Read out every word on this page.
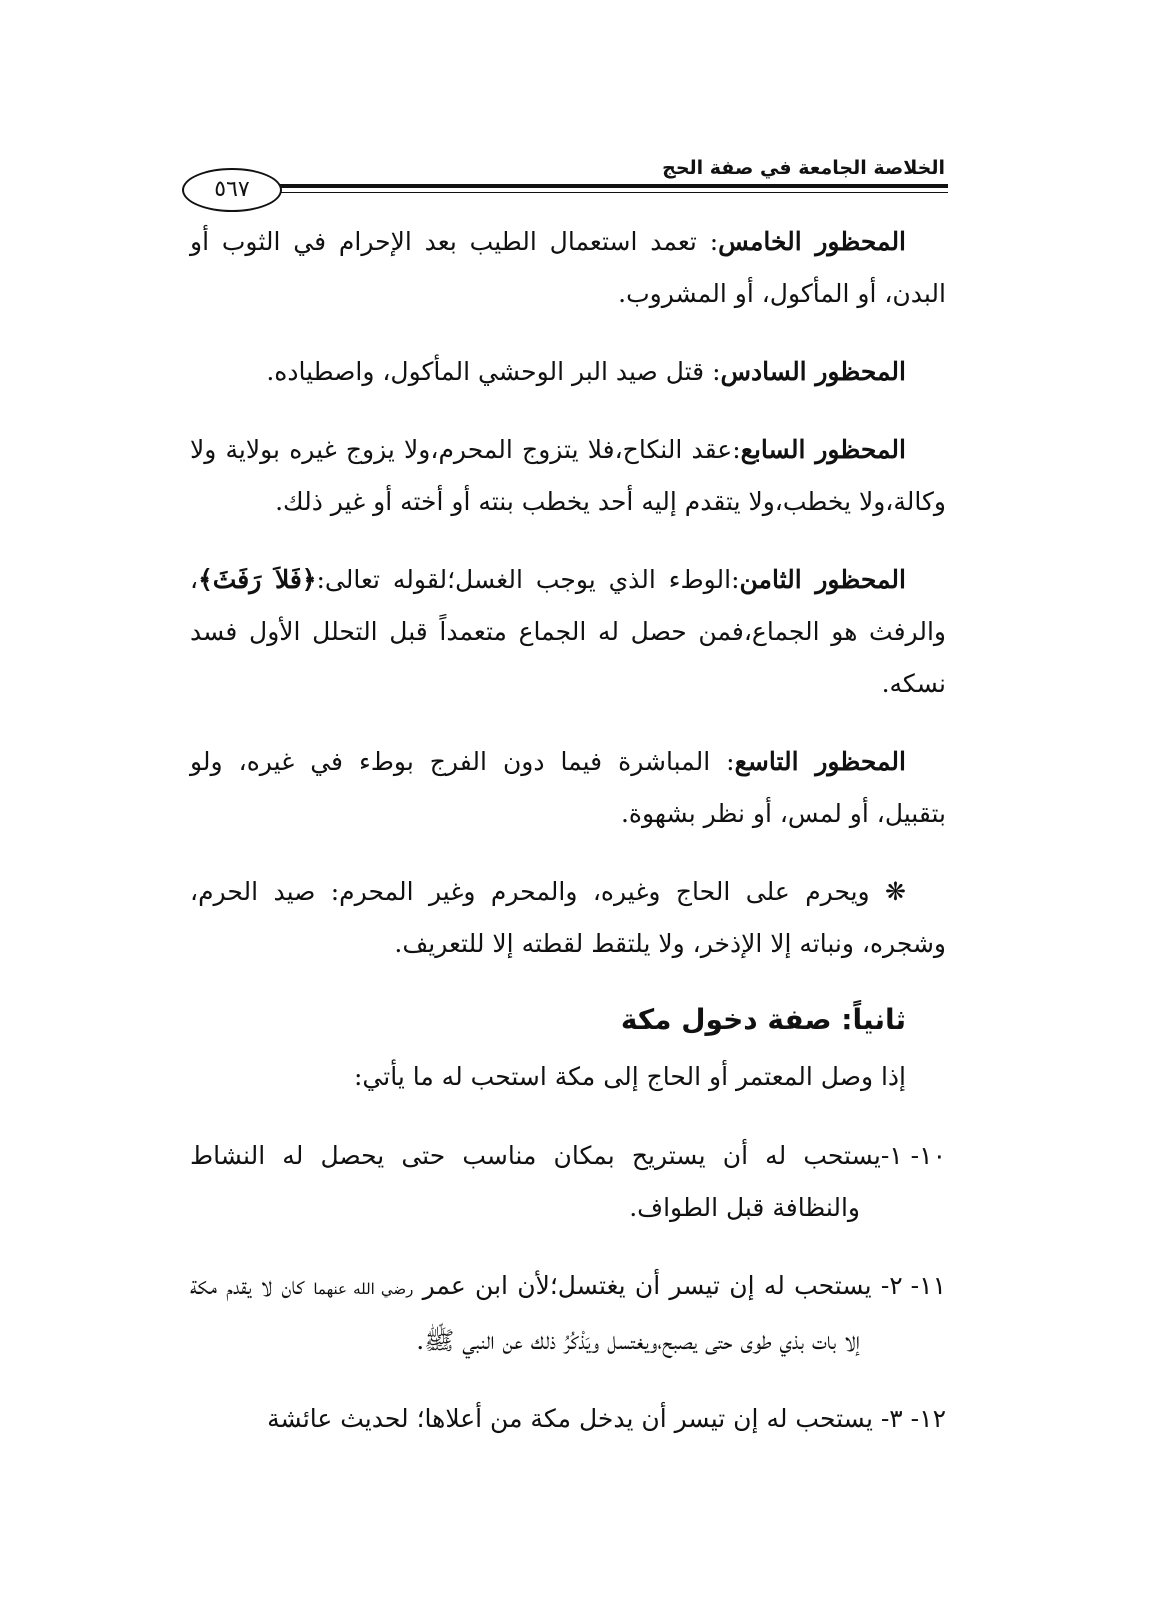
الخلاصة الجامعة في صفة الحج
٥٦٧

المحظور الخامس: تعمد استعمال الطيب بعد الإحرام في الثوب أو البدن، أو المأكول، أو المشروب.

المحظور السادس: قتل صيد البر الوحشي المأكول، واصطياده.

المحظور السابع:عقد النكاح،فلا يتزوج المحرم،ولا يزوج غيره بولاية ولا وكالة،ولا يخطب،ولا يتقدم إليه أحد يخطب بنته أو أخته أو غير ذلك.

المحظور الثامن:الوطء الذي يوجب الغسل؛لقوله تعالى:﴿فَلاَ رَفَثَ﴾، والرفث هو الجماع،فمن حصل له الجماع متعمداً قبل التحلل الأول فسد نسكه.

المحظور التاسع: المباشرة فيما دون الفرج بوطء في غيره، ولو بتقبيل، أو لمس، أو نظر بشهوة.

❋ ويحرم على الحاج وغيره، والمحرم وغير المحرم: صيد الحرم، وشجره، ونباته إلا الإذخر، ولا يلتقط لقطته إلا للتعريف.

ثانياً: صفة دخول مكة

إذا وصل المعتمر أو الحاج إلى مكة استحب له ما يأتي:

١٠- ١-يستحب له أن يستريح بمكان مناسب حتى يحصل له النشاط والنظافة قبل الطواف.

١١- ٢- يستحب له إن تيسر أن يغتسل؛لأن ابن عمر رضي الله عنهما كان لا يقدم مكة إلا بات بذي طوى حتى يصبح،ويغتسل ويَذْكُرُ ذلك عن النبي ﷺ.

١٢- ٣- يستحب له إن تيسر أن يدخل مكة من أعلاها؛ لحديث عائشة
